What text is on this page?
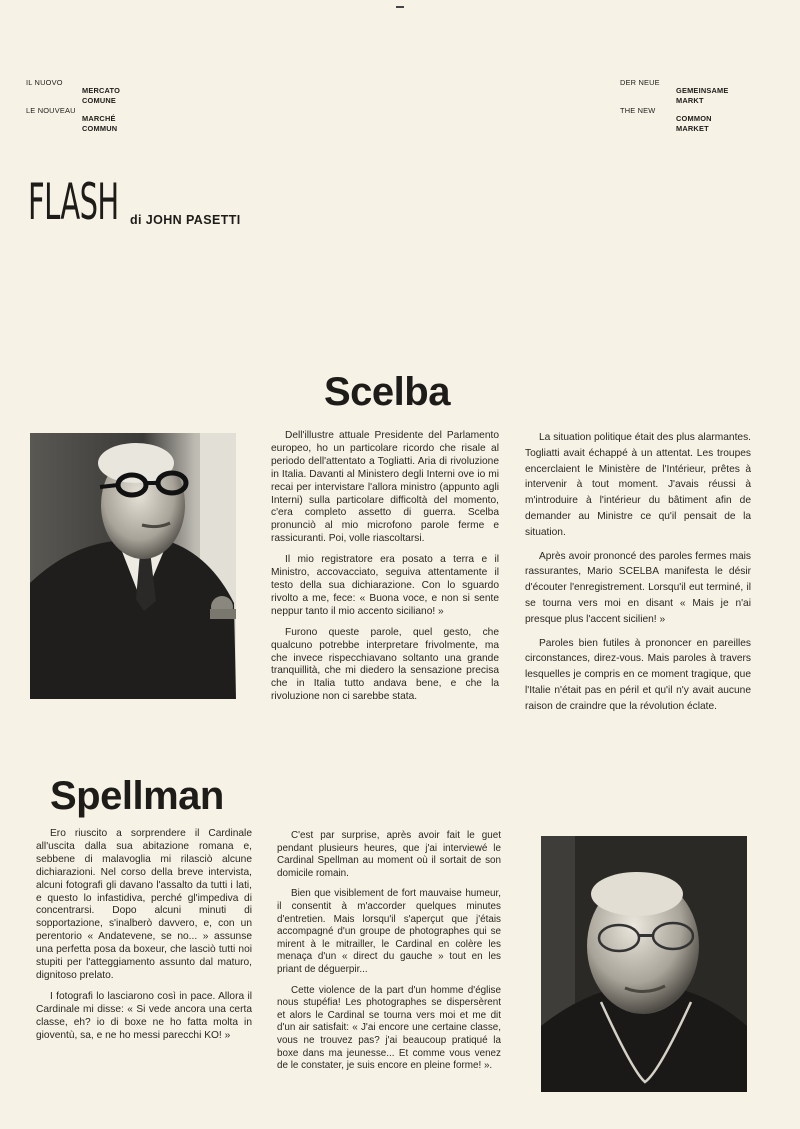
IL NUOVO
MERCATO
COMUNE
LE NOUVEAU
MARCHÉ
COMMUN
DER NEUE
GEMEINSAME
MARKT
THE NEW
COMMON
MARKET
FLASH di JOHN PASETTI
Scelba

Dell'illustre attuale Presidente del Parlamento europeo, ho un particolare ricordo che risale al periodo dell'attentato a Togliatti. Aria di rivoluzione in Italia. Davanti al Ministero degli Interni ove io mi recai per intervistare l'allora ministro (appunto agli Interni) sulla particolare difficoltà del momento, c'era completo assetto di guerra. Scelba pronunciò al mio microfono parole ferme e rassicuranti. Poi, volle riascoltarsi.

Il mio registratore era posato a terra e il Ministro, accovacciato, seguiva attentamente il testo della sua dichiarazione. Con lo sguardo rivolto a me, fece: « Buona voce, e non si sente neppur tanto il mio accento siciliano! »

Furono queste parole, quel gesto, che qualcuno potrebbe interpretare frivolmente, ma che invece rispecchiavano soltanto una grande tranquillità, che mi diedero la sensazione precisa che in Italia tutto andava bene, e che la rivoluzione non ci sarebbe stata.

La situation politique était des plus alarmantes. Togliatti avait échappé à un attentat. Les troupes encerclaient le Ministère de l'Intérieur, prêtes à intervenir à tout moment. J'avais réussi à m'introduire à l'intérieur du bâtiment afin de demander au Ministre ce qu'il pensait de la situation.

Après avoir prononcé des paroles fermes mais rassurantes, Mario SCELBA manifesta le désir d'écouter l'enregistrement. Lorsqu'il eut terminé, il se tourna vers moi en disant « Mais je n'ai presque plus l'accent sicilien! »

Paroles bien futiles à prononcer en pareilles circonstances, direz-vous. Mais paroles à travers lesquelles je compris en ce moment tragique, que l'Italie n'était pas en péril et qu'il n'y avait aucune raison de craindre que la révolution éclate.

Spellman

Ero riuscito a sorprendere il Cardinale all'uscita dalla sua abitazione romana e, sebbene di malavoglia mi rilasciò alcune dichiarazioni. Nel corso della breve intervista, alcuni fotografi gli davano l'assalto da tutti i lati, e questo lo infastidiva, perché gl'impediva di concentrarsi. Dopo alcuni minuti di sopportazione, s'inalberò davvero, e, con un perentorio « Andatevene, se no... » assunse una perfetta posa da boxeur, che lasciò tutti noi stupiti per l'atteggiamento assunto dal maturo, dignitoso prelato.

I fotografi lo lasciarono così in pace. Allora il Cardinale mi disse: « Si vede ancora una certa classe, eh? io di boxe ne ho fatta molta in gioventù, sa, e ne ho messi parecchi KO! »

C'est par surprise, après avoir fait le guet pendant plusieurs heures, que j'ai interviewé le Cardinal Spellman au moment où il sortait de son domicile romain.

Bien que visiblement de fort mauvaise humeur, il consentit à m'accorder quelques minutes d'entretien. Mais lorsqu'il s'aperçut que j'étais accompagné d'un groupe de photographes qui se mirent à le mitrailler, le Cardinal en colère les menaça d'un « direct du gauche » tout en les priant de déguerpir...

Cette violence de la part d'un homme d'église nous stupéfia! Les photographes se dispersèrent et alors le Cardinal se tourna vers moi et me dit d'un air satisfait: « J'ai encore une certaine classe, vous ne trouvez pas? j'ai beaucoup pratiqué la boxe dans ma jeunesse... Et comme vous venez de le constater, je suis encore en pleine forme! ».
